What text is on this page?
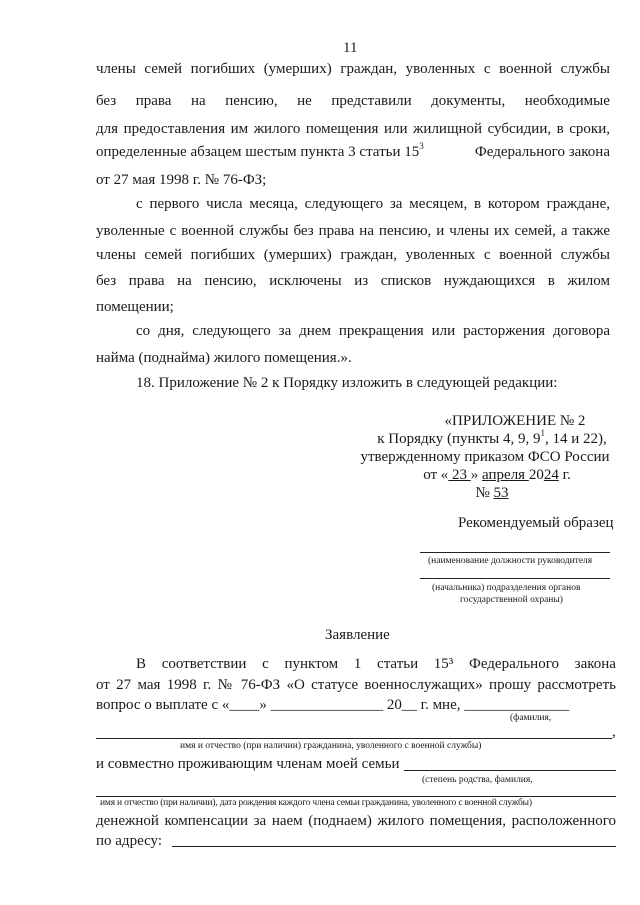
11
члены семей погибших (умерших) граждан, уволенных с военной службы
без права на пенсию, не представили документы, необходимые
для предоставления им жилого помещения или жилищной субсидии, в сроки,
определенные абзацем шестым пункта 3 статьи $15^3$	Федерального закона
от 27 мая 1998 г. № 76-ФЗ;
с первого числа месяца, следующего за месяцем, в котором граждане,
уволенные с военной службы без права на пенсию, и члены их семей, а также
члены семей погибших (умерших) граждан, уволенных с военной службы
без права на пенсию, исключены из списков нуждающихся в жилом
помещении;
со дня, следующего за днем прекращения или расторжения договора
найма (поднайма) жилого помещения.».
18. Приложение № 2 к Порядку изложить в следующей редакции:
«ПРИЛОЖЕНИЕ № 2
к Порядку (пункты 4, 9, $9^1$, 14 и 22),
утвержденному приказом ФСО России
от « 23 » апреля 2024 г.
№ 53
Рекомендуемый образец
(наименование должности руководителя
(начальника) подразделения органов
государственной охраны)
Заявление
В соответствии с пунктом 1 статьи 15³ Федерального закона
от 27 мая 1998 г. № 76-ФЗ «О статусе военнослужащих» прошу рассмотреть
вопрос о выплате с «____» _______________ 20__ г. мне, ______________
(фамилия,
,
имя и отчество (при наличии) гражданина, уволенного с военной службы)
и совместно проживающим членам моей семьи
(степень родства, фамилия,
имя и отчество (при наличии), дата рождения каждого члена семьи гражданина, уволенного с военной службы)
денежной компенсации за наем (поднаем) жилого помещения, расположенного
по адресу:
